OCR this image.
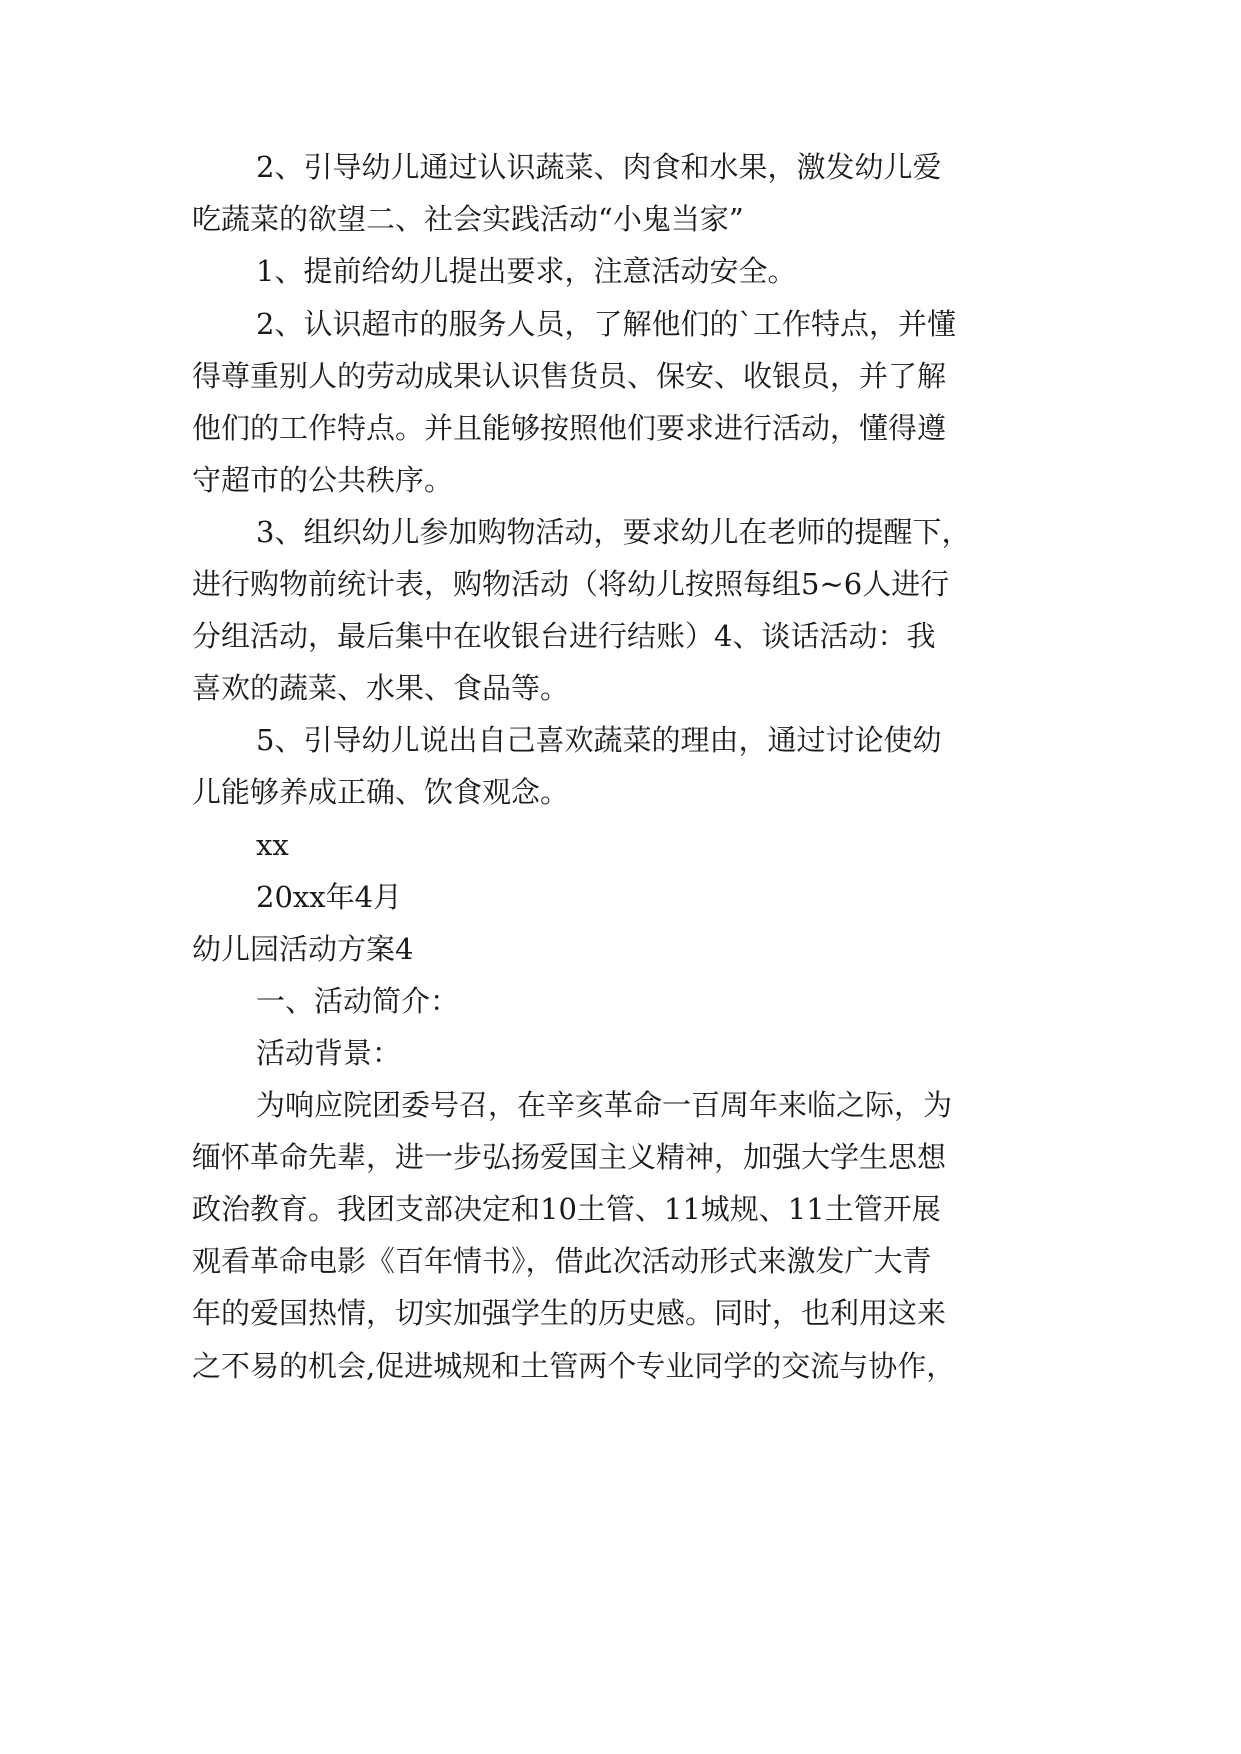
2、引导幼儿通过认识蔬菜、肉食和水果，激发幼儿爱
吃蔬菜的欲望二、社会实践活动“小鬼当家”
1、提前给幼儿提出要求，注意活动安全。
2、认识超市的服务人员，了解他们的`工作特点，并懂
得尊重别人的劳动成果认识售货员、保安、收银员，并了解
他们的工作特点。并且能够按照他们要求进行活动，懂得遵
守超市的公共秩序。
3、组织幼儿参加购物活动，要求幼儿在老师的提醒下，
进行购物前统计表，购物活动（将幼儿按照每组5~6人进行
分组活动，最后集中在收银台进行结账）4、谈话活动：我
喜欢的蔬菜、水果、食品等。
5、引导幼儿说出自己喜欢蔬菜的理由，通过讨论使幼
儿能够养成正确、饮食观念。
xx
20xx年4月
幼儿园活动方案4
一、活动简介：
活动背景：
为响应院团委号召，在辛亥革命一百周年来临之际，为
缅怀革命先辈，进一步弘扬爱国主义精神，加强大学生思想
政治教育。我团支部决定和10土管、11城规、11土管开展
观看革命电影《百年情书》，借此次活动形式来激发广大青
年的爱国热情，切实加强学生的历史感。同时，也利用这来
之不易的机会,促进城规和土管两个专业同学的交流与协作，
